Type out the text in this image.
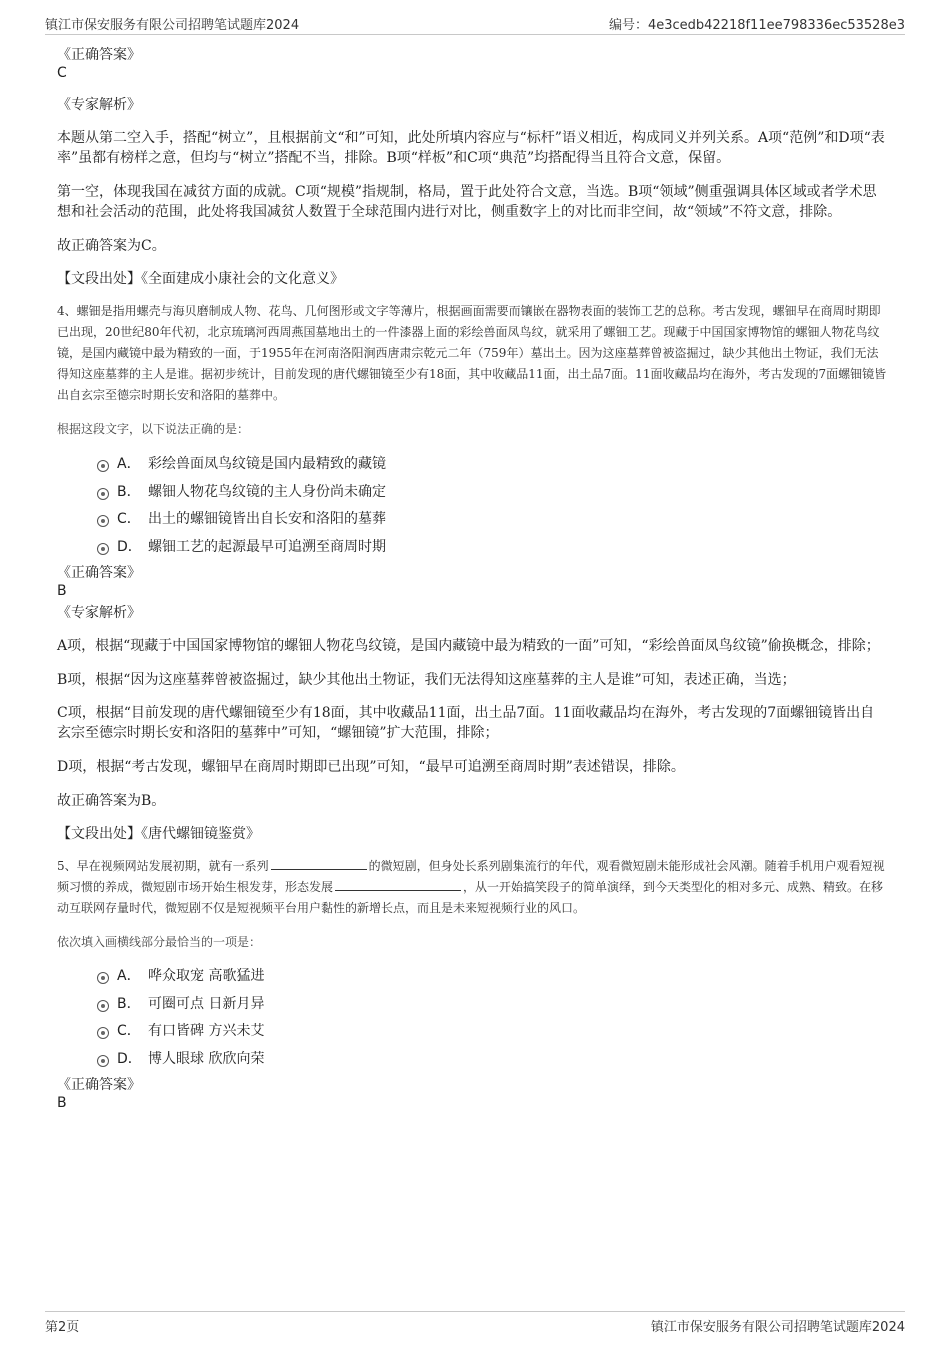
镇江市保安服务有限公司招聘笔试题库2024	编号：4e3cedb42218f11ee798336ec53528e3

《正确答案》

C

《专家解析》

本题从第二空入手，搭配“树立”，且根据前文“和”可知，此处所填内容应与“标杆”语义相近，构成同义并列关系。A项“范例”和D项“表率”虽都有榜样之意，但均与“树立”搭配不当，排除。B项“样板”和C项“典范”均搭配得当且符合文意，保留。

第一空，体现我国在减贫方面的成就。C项“规模”指规制，格局，置于此处符合文意，当选。B项“领域”侧重强调具体区域或者学术思想和社会活动的范围，此处将我国减贫人数置于全球范围内进行对比，侧重数字上的对比而非空间，故“领域”不符文意，排除。

故正确答案为C。

【文段出处】《全面建成小康社会的文化意义》

4、螺钿是指用螺壳与海贝磨制成人物、花鸟、几何图形或文字等薄片，根据画面需要而镶嵌在器物表面的装饰工艺的总称。考古发现，螺钿早在商周时期即已出现，20世纪80年代初，北京琉璃河西周燕国墓地出土的一件漆器上面的彩绘兽面凤鸟纹，就采用了螺钿工艺。现藏于中国国家博物馆的螺钿人物花鸟纹镜，是国内藏镜中最为精致的一面，于1955年在河南洛阳涧西唐肃宗乾元二年（759年）墓出土。因为这座墓葬曾被盗掘过，缺少其他出土物证，我们无法得知这座墓葬的主人是谁。据初步统计，目前发现的唐代螺钿镜至少有18面，其中收藏品11面，出土品7面。11面收藏品均在海外，考古发现的7面螺钿镜皆出自玄宗至德宗时期长安和洛阳的墓葬中。

根据这段文字，以下说法正确的是：

A． 彩绘兽面凤鸟纹镜是国内最精致的藏镜
B． 螺钿人物花鸟纹镜的主人身份尚未确定
C． 出土的螺钿镜皆出自长安和洛阳的墓葬
D． 螺钿工艺的起源最早可追溯至商周时期

《正确答案》

B

《专家解析》

A项，根据“现藏于中国国家博物馆的螺钿人物花鸟纹镜，是国内藏镜中最为精致的一面”可知，“彩绘兽面凤鸟纹镜”偷换概念，排除；

B项，根据“因为这座墓葬曾被盗掘过，缺少其他出土物证，我们无法得知这座墓葬的主人是谁”可知，表述正确，当选；

C项，根据“目前发现的唐代螺钿镜至少有18面，其中收藏品11面，出土品7面。11面收藏品均在海外，考古发现的7面螺钿镜皆出自玄宗至德宗时期长安和洛阳的墓葬中”可知，“螺钿镜”扩大范围，排除；

D项，根据“考古发现，螺钿早在商周时期即已出现”可知，“最早可追溯至商周时期”表述错误，排除。

故正确答案为B。

【文段出处】《唐代螺钿镜鉴赏》

5、早在视频网站发展初期，就有一系列	的微短剧，但身处长系列剧集流行的年代，观看微短剧未能形成社会风潮。随着手机用户观看短视频习惯的养成，微短剧市场开始生根发芽，形态发展	，从一开始搞笑段子的简单演绎，到今天类型化的相对多元、成熟、精致。在移动互联网存量时代，微短剧不仅是短视频平台用户黏性的新增长点，而且是未来短视频行业的风口。

依次填入画横线部分最恰当的一项是：

A． 哗众取宠 高歌猛进
B． 可圈可点 日新月异
C． 有口皆碑 方兴未艾
D． 博人眼球 欣欣向荣

《正确答案》

B

第2页	镇江市保安服务有限公司招聘笔试题库2024
